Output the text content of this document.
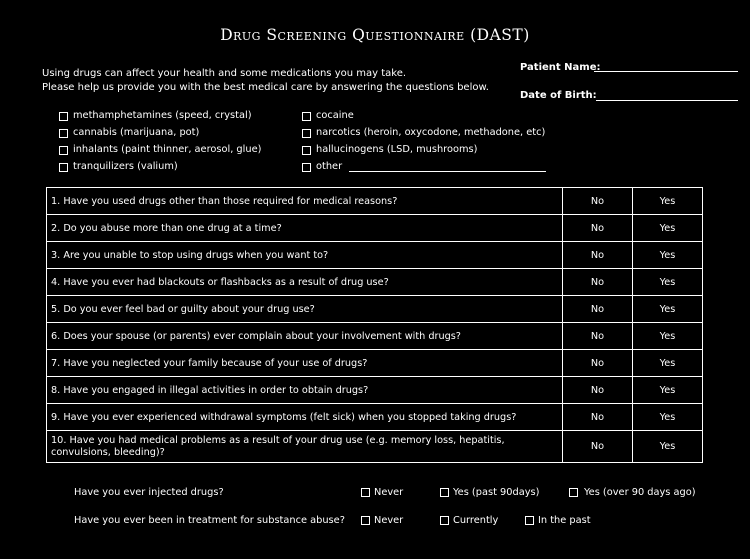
Drug Screening Questionnaire (DAST)
Using drugs can affect your health and some medications you may take.
Please help us provide you with the best medical care by answering the questions below.
Patient Name:
Date of Birth:
methamphetamines (speed, crystal)
cannabis (marijuana, pot)
inhalants (paint thinner, aerosol, glue)
tranquilizers (valium)
cocaine
narcotics (heroin, oxycodone, methadone, etc)
hallucinogens (LSD, mushrooms)
other
1. Have you used drugs other than those required for medical reasons?	No	Yes
2. Do you abuse more than one drug at a time?	No	Yes
3. Are you unable to stop using drugs when you want to?	No	Yes
4. Have you ever had blackouts or flashbacks as a result of drug use?	No	Yes
5. Do you ever feel bad or guilty about your drug use?	No	Yes
6. Does your spouse (or parents) ever complain about your involvement with drugs?	No	Yes
7. Have you neglected your family because of your use of drugs?	No	Yes
8. Have you engaged in illegal activities in order to obtain drugs?	No	Yes
9. Have you ever experienced withdrawal symptoms (felt sick) when you stopped taking drugs?	No	Yes
10. Have you had medical problems as a result of your drug use (e.g. memory loss, hepatitis, convulsions, bleeding)?	No	Yes
Have you ever injected drugs?	Never	Yes (past 90days)	Yes (over 90 days ago)
Have you ever been in treatment for substance abuse?	Never	Currently	In the past
